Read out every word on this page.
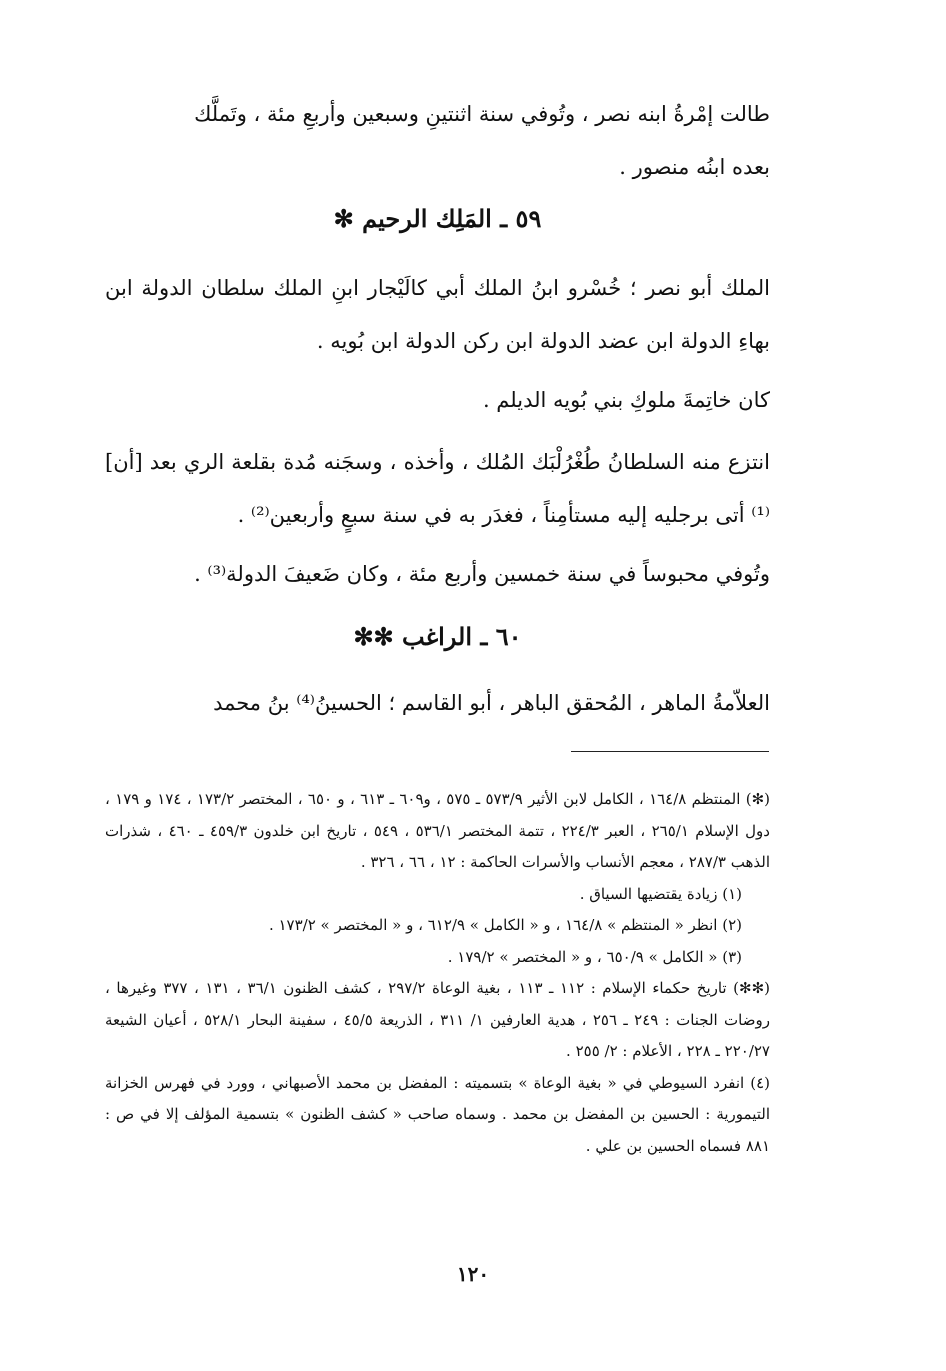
طالت إمْرةُ ابنه نصر ، وتُوفي سنة اثنتينِ وسبعين وأربعِ مئة ، وتَملَّك

بعده ابنُه منصور .

٥٩ ـ المَلِك الرحيم ✻

الملك أبو نصر ؛ خُسْرو ابنُ الملك أبي كالَيْجار ابنِ الملك سلطان الدولة ابن بهاءِ الدولة ابن عضد الدولة ابن ركن الدولة ابن بُويه .

كان خاتِمةَ ملوكِ بني بُويه الديلم .

انتزع منه السلطانُ طُغْرُلْبَك المُلك ، وأخذه ، وسجَنه مُدة بقلعة الري بعد [أن]⁽¹⁾ أتى برجليه إليه مستأمِناً ، فغدَر به في سنة سبعٍ وأربعين⁽²⁾ .

وتُوفي محبوساً في سنة خمسين وأربع مئة ، وكان ضَعيفَ الدولة⁽³⁾ .

٦٠ ـ الراغب ✻✻

العلاّمةُ الماهر ، المُحقق الباهر ، أبو القاسم ؛ الحسينُ⁽⁴⁾ بنُ محمد

(✻) المنتظم ١٦٤/٨ ، الكامل لابن الأثير ٥٧٣/٩ ـ ٥٧٥ ، و٦٠٩ ـ ٦١٣ ، و ٦٥٠ ، المختصر ١٧٣/٢ ، ١٧٤ و ١٧٩ ، دول الإسلام ٢٦٥/١ ، العبر ٢٢٤/٣ ، تتمة المختصر ٥٣٦/١ ، ٥٤٩ ، تاريخ ابن خلدون ٤٥٩/٣ ـ ٤٦٠ ، شذرات الذهب ٢٨٧/٣ ، معجم الأنساب والأسرات الحاكمة : ١٢ ، ٦٦ ، ٣٢٦ .

(١) زيادة يقتضيها السياق .

(٢) انظر « المنتظم » ١٦٤/٨ ، و « الكامل » ٦١٢/٩ ، و « المختصر » ١٧٣/٢ .

(٣) « الكامل » ٦٥٠/٩ ، و « المختصر » ١٧٩/٢ .

(✻✻) تاريخ حكماء الإسلام : ١١٢ ـ ١١٣ ، بغية الوعاة ٢٩٧/٢ ، كشف الظنون ٣٦/١ ، ١٣١ ، ٣٧٧ وغيرها ، روضات الجنات : ٢٤٩ ـ ٢٥٦ ، هدية العارفين ١/ ٣١١ ، الذريعة ٤٥/٥ ، سفينة البحار ٥٢٨/١ ، أعيان الشيعة ٢٢٠/٢٧ ـ ٢٢٨ ، الأعلام : ٢/ ٢٥٥ .

(٤) انفرد السيوطي في « بغية الوعاة » بتسميته : المفضل بن محمد الأصبهاني ، وورد في فهرس الخزانة التيمورية : الحسين بن المفضل بن محمد . وسماه صاحب « كشف الظنون » بتسمية المؤلف إلا في ص : ٨٨١ فسماه الحسين بن علي .

١٢٠
